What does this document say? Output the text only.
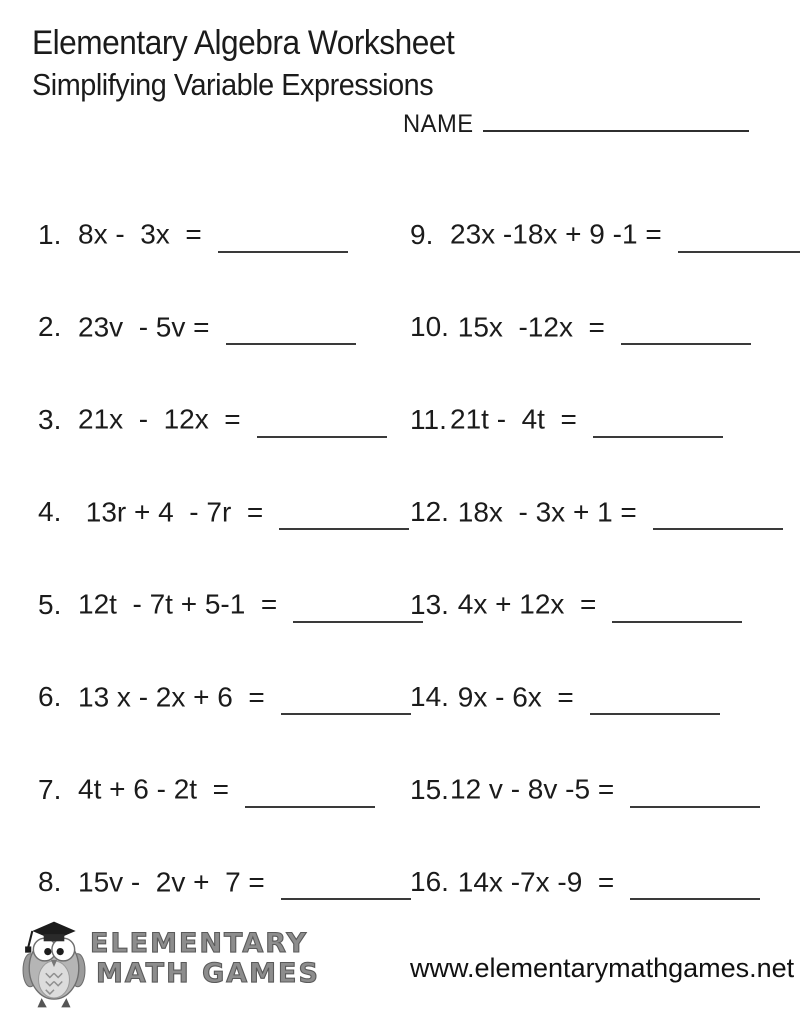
Elementary Algebra Worksheet
Simplifying Variable Expressions
NAME
1. 8x -  3x  =
2. 23v  - 5v =
3. 21x  -  12x  =
4. 13r + 4  - 7r  =
5. 12t  - 7t + 5-1  =
6. 13 x - 2x + 6  =
7. 4t + 6 - 2t  =
8. 15v -  2v +  7 =
9. 23x -18x + 9 -1 =
10. 15x  -12x  =
11. 21t -  4t  =
12. 18x  - 3x + 1 =
13. 4x + 12x  =
14. 9x - 6x  =
15.12 v - 8v -5 =
16. 14x -7x -9  =
ELEMENTARY
MATH GAMES	www.elementarymathgames.net
